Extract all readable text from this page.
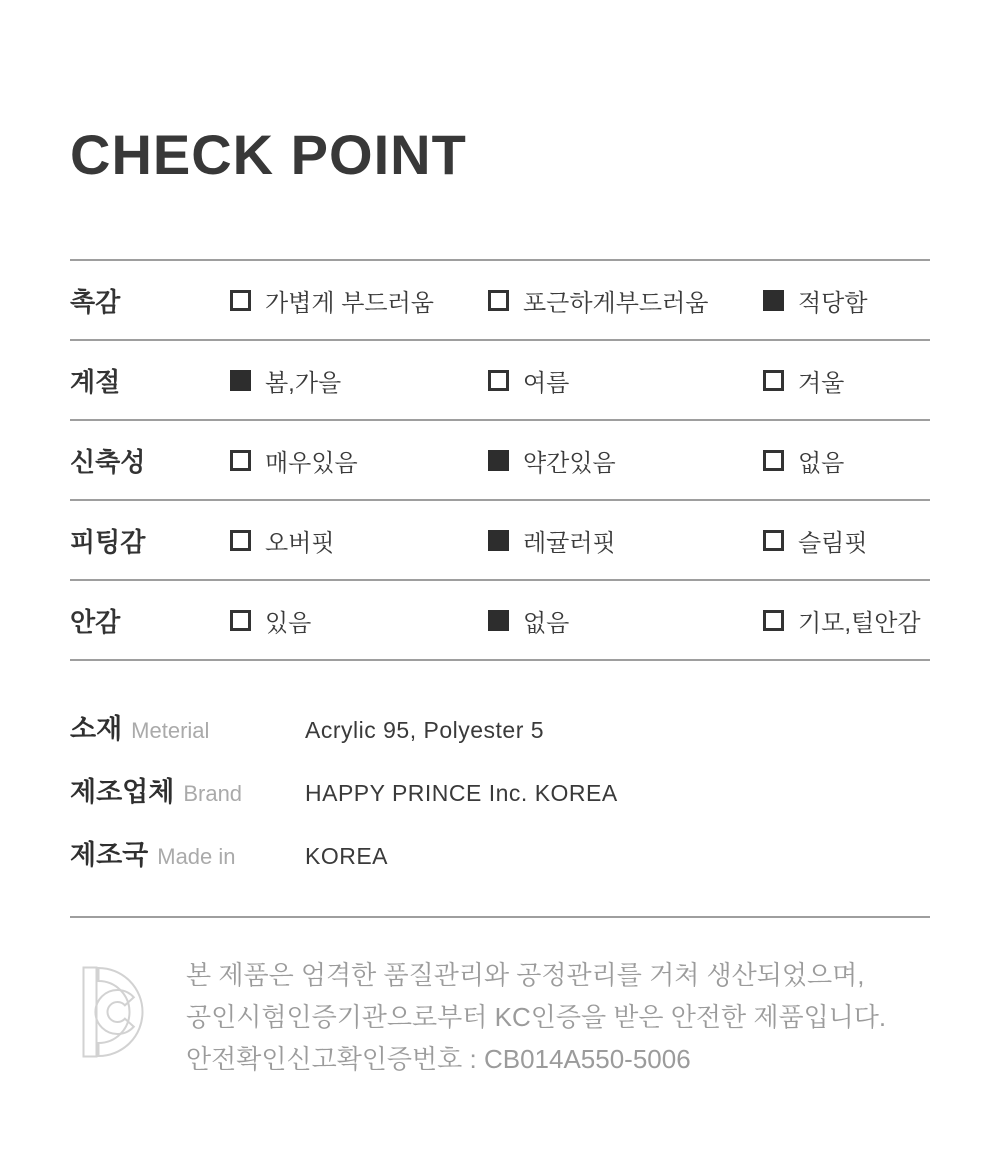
CHECK POINT
촉감	가볍게 부드러움	포근하게부드러움	적당함
계절	봄,가을	여름	겨울
신축성	매우있음	약간있음	없음
피팅감	오버핏	레귤러핏	슬림핏
안감	있음	없음	기모,털안감
소재 Meterial	Acrylic 95, Polyester 5
제조업체 Brand	HAPPY PRINCE Inc. KOREA
제조국 Made in	KOREA
본 제품은 엄격한 품질관리와 공정관리를 거쳐 생산되었으며,
공인시험인증기관으로부터 KC인증을 받은 안전한 제품입니다.
안전확인신고확인증번호 : CB014A550-5006
